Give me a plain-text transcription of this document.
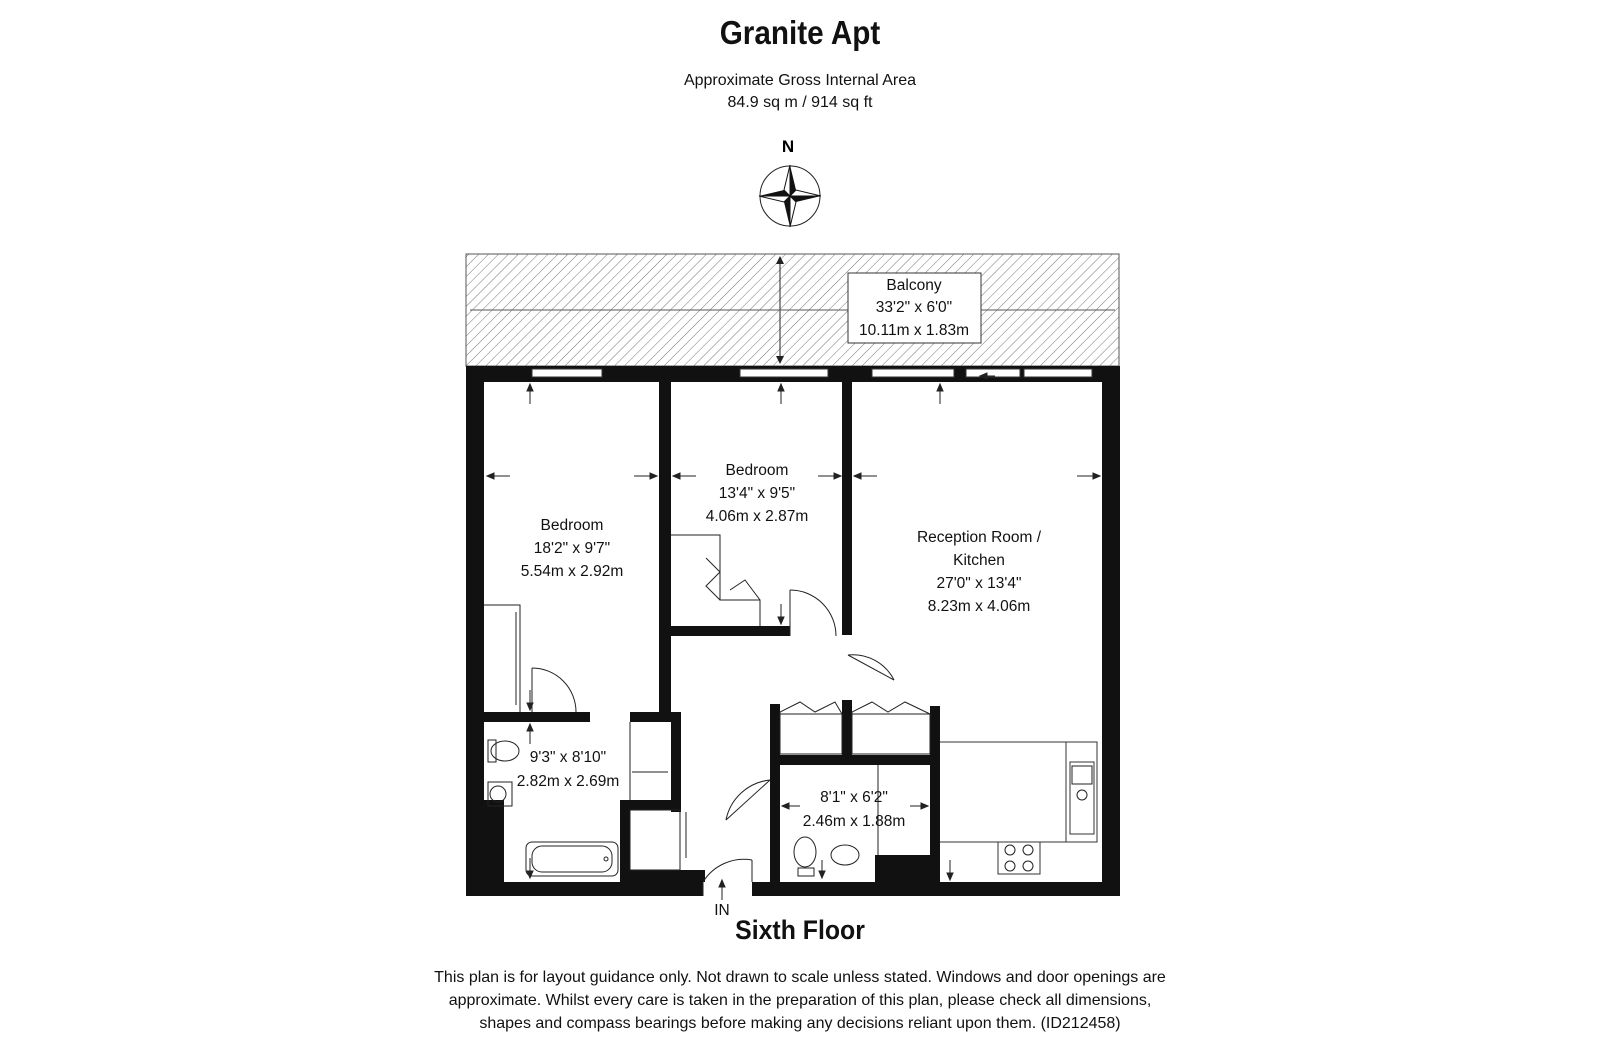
Granite Apt
Approximate Gross Internal Area
84.9 sq m / 914 sq ft
N
Balcony
33'2" x 6'0"
10.11m x 1.83m
Bedroom
18'2" x 9'7"
5.54m x 2.92m
Bedroom
13'4" x 9'5"
4.06m x 2.87m
Reception Room /
Kitchen
27'0" x 13'4"
8.23m x 4.06m
9'3" x 8'10"
2.82m x 2.69m
8'1" x 6'2"
2.46m x 1.88m
IN
Sixth Floor
This plan is for layout guidance only. Not drawn to scale unless stated. Windows and door openings are
approximate. Whilst every care is taken in the preparation of this plan, please check all dimensions,
shapes and compass bearings before making any decisions reliant upon them. (ID212458)
